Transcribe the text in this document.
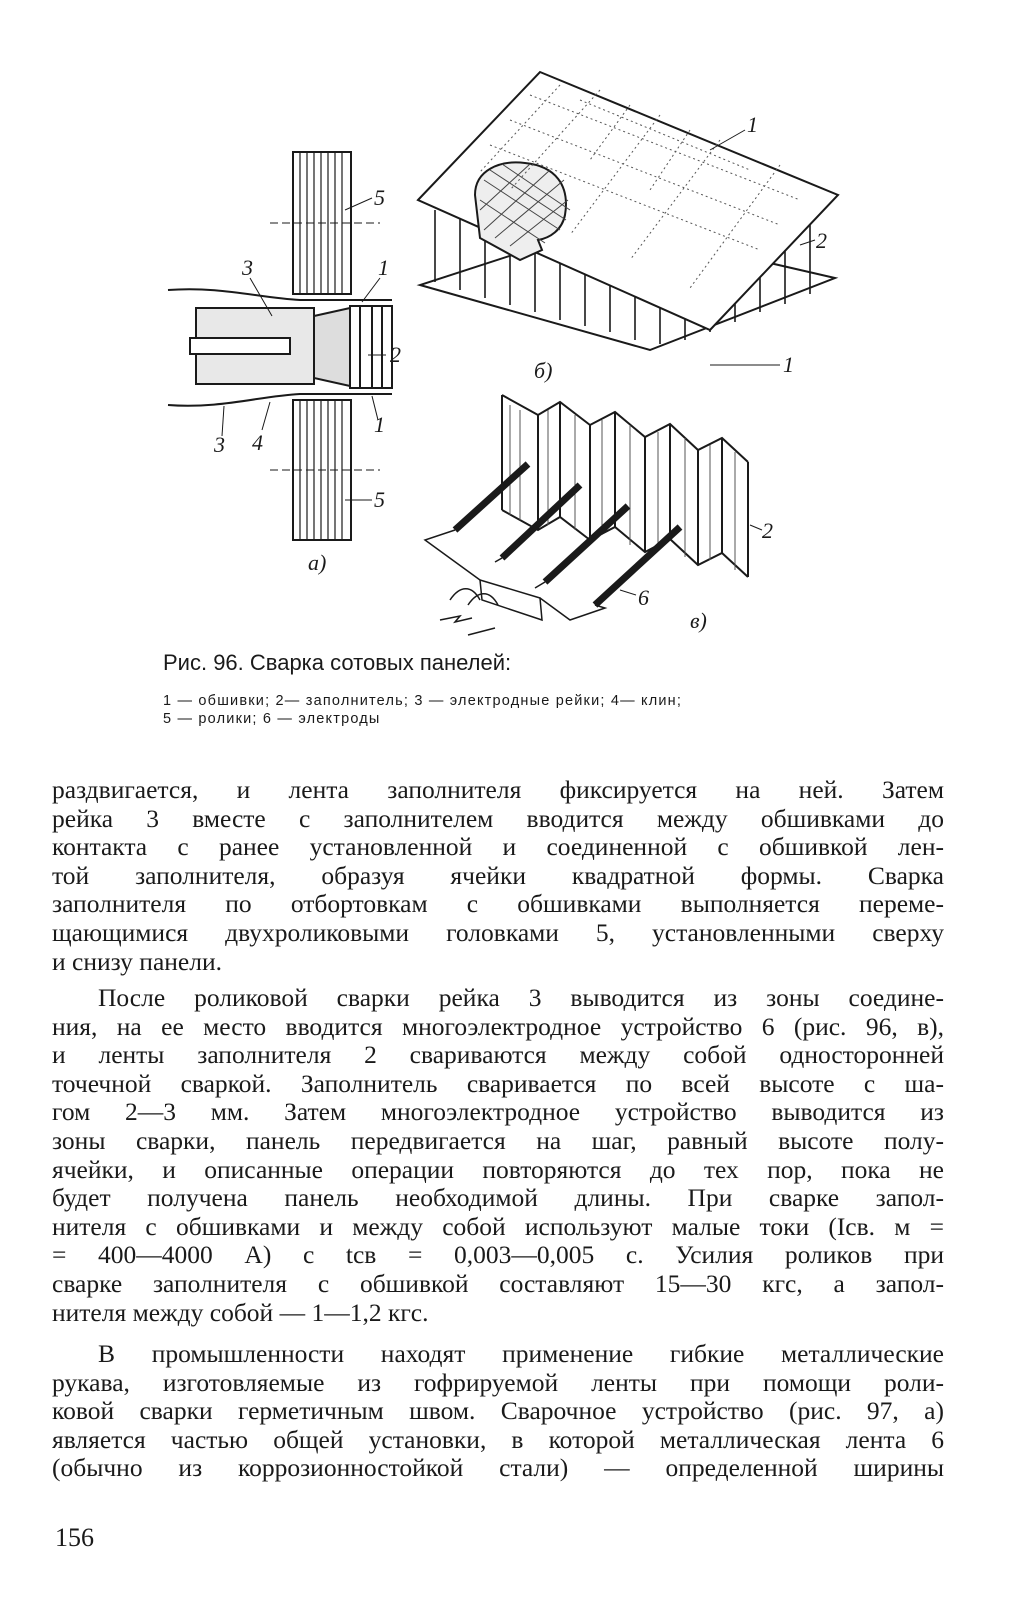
5
3	1
2
3 4
1
5
а)
1
2
1
б)
2
6
в)
Рис. 96. Сварка сотовых панелей:
1 — обшивки; 2— заполнитель; 3 — электродные рейки; 4— клин;
5 — ролики; 6 — электроды
раздвигается, и лента заполнителя фиксируется на ней. Затем
рейка 3 вместе с заполнителем вводится между обшивками до
контакта с ранее установленной и соединенной с обшивкой лен-
той заполнителя, образуя ячейки квадратной формы. Сварка
заполнителя по отбортовкам с обшивками выполняется переме-
щающимися двухроликовыми головками 5, установленными сверху
и снизу панели.
После роликовой сварки рейка 3 выводится из зоны соедине-
ния, на ее место вводится многоэлектродное устройство 6 (рис. 96, в),
и ленты заполнителя 2 свариваются между собой односторонней
точечной сваркой. Заполнитель сваривается по всей высоте с ша-
гом 2—3 мм. Затем многоэлектродное устройство выводится из
зоны сварки, панель передвигается на шаг, равный высоте полу-
ячейки, и описанные операции повторяются до тех пор, пока не
будет получена панель необходимой длины. При сварке запол-
нителя с обшивками и между собой используют малые токи (Iсв. м =
= 400—4000 А) с tсв = 0,003—0,005 с. Усилия роликов при
сварке заполнителя с обшивкой составляют 15—30 кгс, а запол-
нителя между собой — 1—1,2 кгс.
В промышленности находят применение гибкие металлические
рукава, изготовляемые из гофрируемой ленты при помощи роли-
ковой сварки герметичным швом. Сварочное устройство (рис. 97, а)
является частью общей установки, в которой металлическая лента 6
(обычно из коррозионностойкой стали) — определенной ширины
156
